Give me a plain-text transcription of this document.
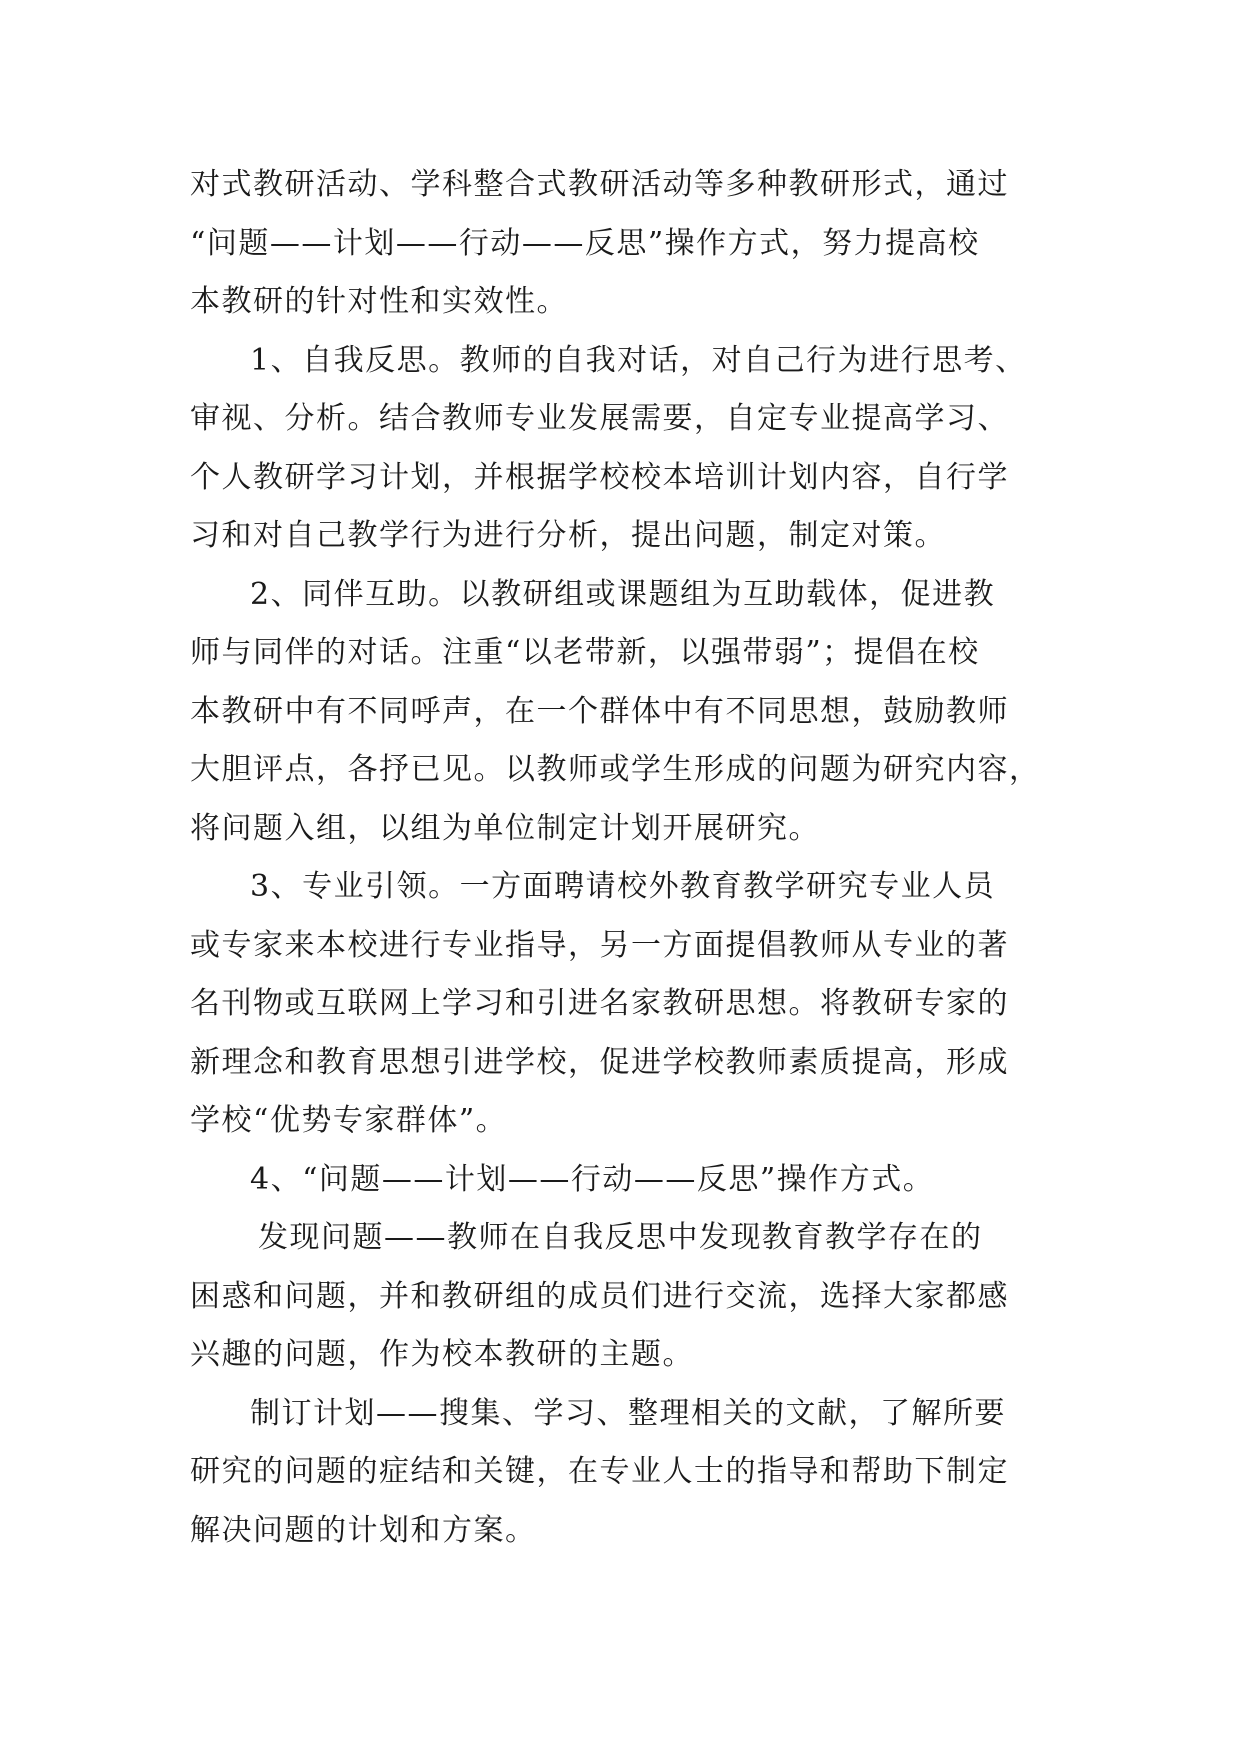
对式教研活动、学科整合式教研活动等多种教研形式，通过
“问题——计划——行动——反思”操作方式，努力提高校
本教研的针对性和实效性。
1、自我反思。教师的自我对话，对自己行为进行思考、
审视、分析。结合教师专业发展需要，自定专业提高学习、
个人教研学习计划，并根据学校校本培训计划内容，自行学
习和对自己教学行为进行分析，提出问题，制定对策。
2、同伴互助。以教研组或课题组为互助载体，促进教
师与同伴的对话。注重“以老带新，以强带弱”；提倡在校
本教研中有不同呼声，在一个群体中有不同思想，鼓励教师
大胆评点，各抒已见。以教师或学生形成的问题为研究内容，
将问题入组，以组为单位制定计划开展研究。
3、专业引领。一方面聘请校外教育教学研究专业人员
或专家来本校进行专业指导，另一方面提倡教师从专业的著
名刊物或互联网上学习和引进名家教研思想。将教研专家的
新理念和教育思想引进学校，促进学校教师素质提高，形成
学校“优势专家群体”。
4、“问题——计划——行动——反思”操作方式。
发现问题——教师在自我反思中发现教育教学存在的
困惑和问题，并和教研组的成员们进行交流，选择大家都感
兴趣的问题，作为校本教研的主题。
制订计划——搜集、学习、整理相关的文献，了解所要
研究的问题的症结和关键，在专业人士的指导和帮助下制定
解决问题的计划和方案。
